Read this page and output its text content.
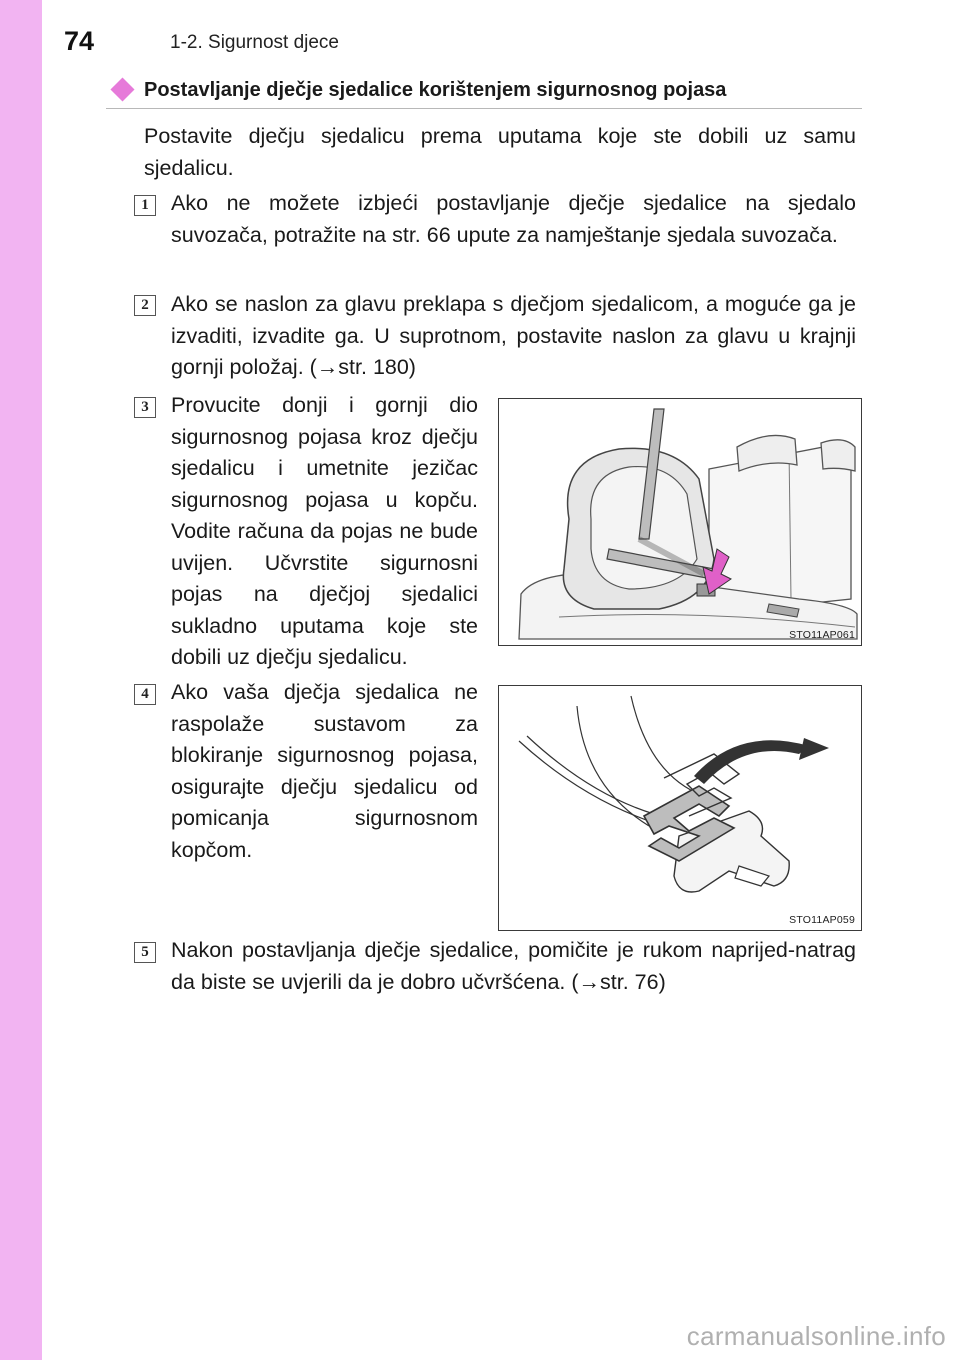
74	1-2. Sigurnost djece
Postavljanje dječje sjedalice korištenjem sigurnosnog pojasa
Postavite dječju sjedalicu prema uputama koje ste dobili uz samu sjedalicu.
1	Ako ne možete izbjeći postavljanje dječje sjedalice na sjedalo suvozača, potražite na str. 66 upute za namještanje sjedala suvozača.
2	Ako se naslon za glavu preklapa s dječjom sjedalicom, a moguće ga je izvaditi, izvadite ga. U suprotnom, postavite naslon za glavu u krajnji gornji položaj. (→str. 180)
3	Provucite donji i gornji dio sigurnosnog pojasa kroz dječju sjedalicu i umetnite jezičac sigurnosnog pojasa u kopču. Vodite računa da pojas ne bude uvijen. Učvrstite sigurnosni pojas na dječjoj sjedalici sukladno uputama koje ste dobili uz dječju sjedalicu.
STO11AP061
4	Ako vaša dječja sjedalica ne raspolaže sustavom za blokiranje sigurnosnog pojasa, osigurajte dječju sjedalicu od pomicanja sigurnosnom kopčom.
STO11AP059
5	Nakon postavljanja dječje sjedalice, pomičite je rukom naprijed-natrag da biste se uvjerili da je dobro učvršćena. (→str. 76)
carmanualsonline.info
